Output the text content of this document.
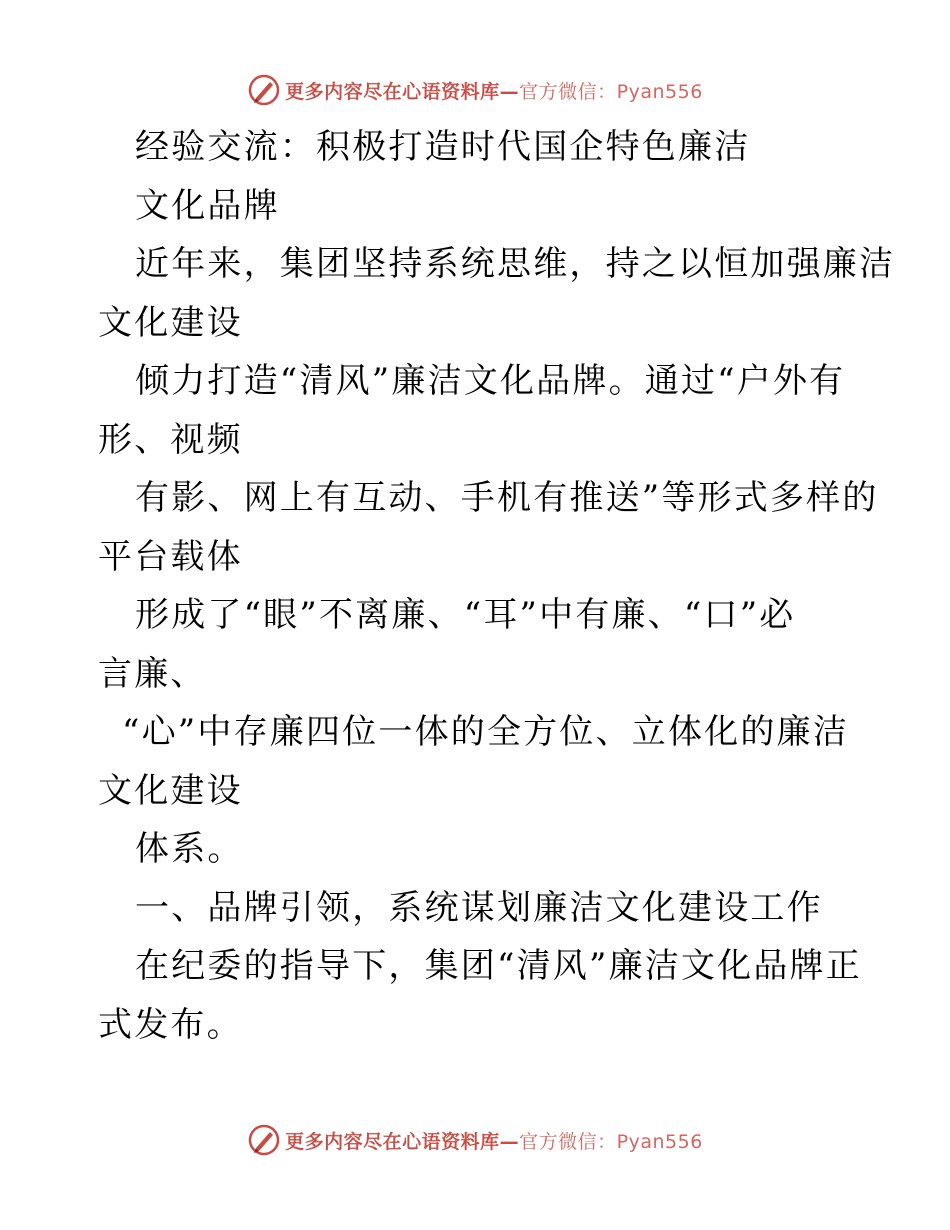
更多内容尽在心语资料库—官方微信：Pyan556
经验交流：积极打造时代国企特色廉洁
文化品牌
近年来，集团坚持系统思维，持之以恒加强廉洁
文化建设
倾力打造“清风”廉洁文化品牌。通过“户外有
形、视频
有影、网上有互动、手机有推送”等形式多样的
平台载体
形成了“眼”不离廉、“耳”中有廉、“口”必
言廉、
“心”中存廉四位一体的全方位、立体化的廉洁
文化建设
体系。
一、品牌引领，系统谋划廉洁文化建设工作
在纪委的指导下，集团“清风”廉洁文化品牌正
式发布。
更多内容尽在心语资料库—官方微信：Pyan556
